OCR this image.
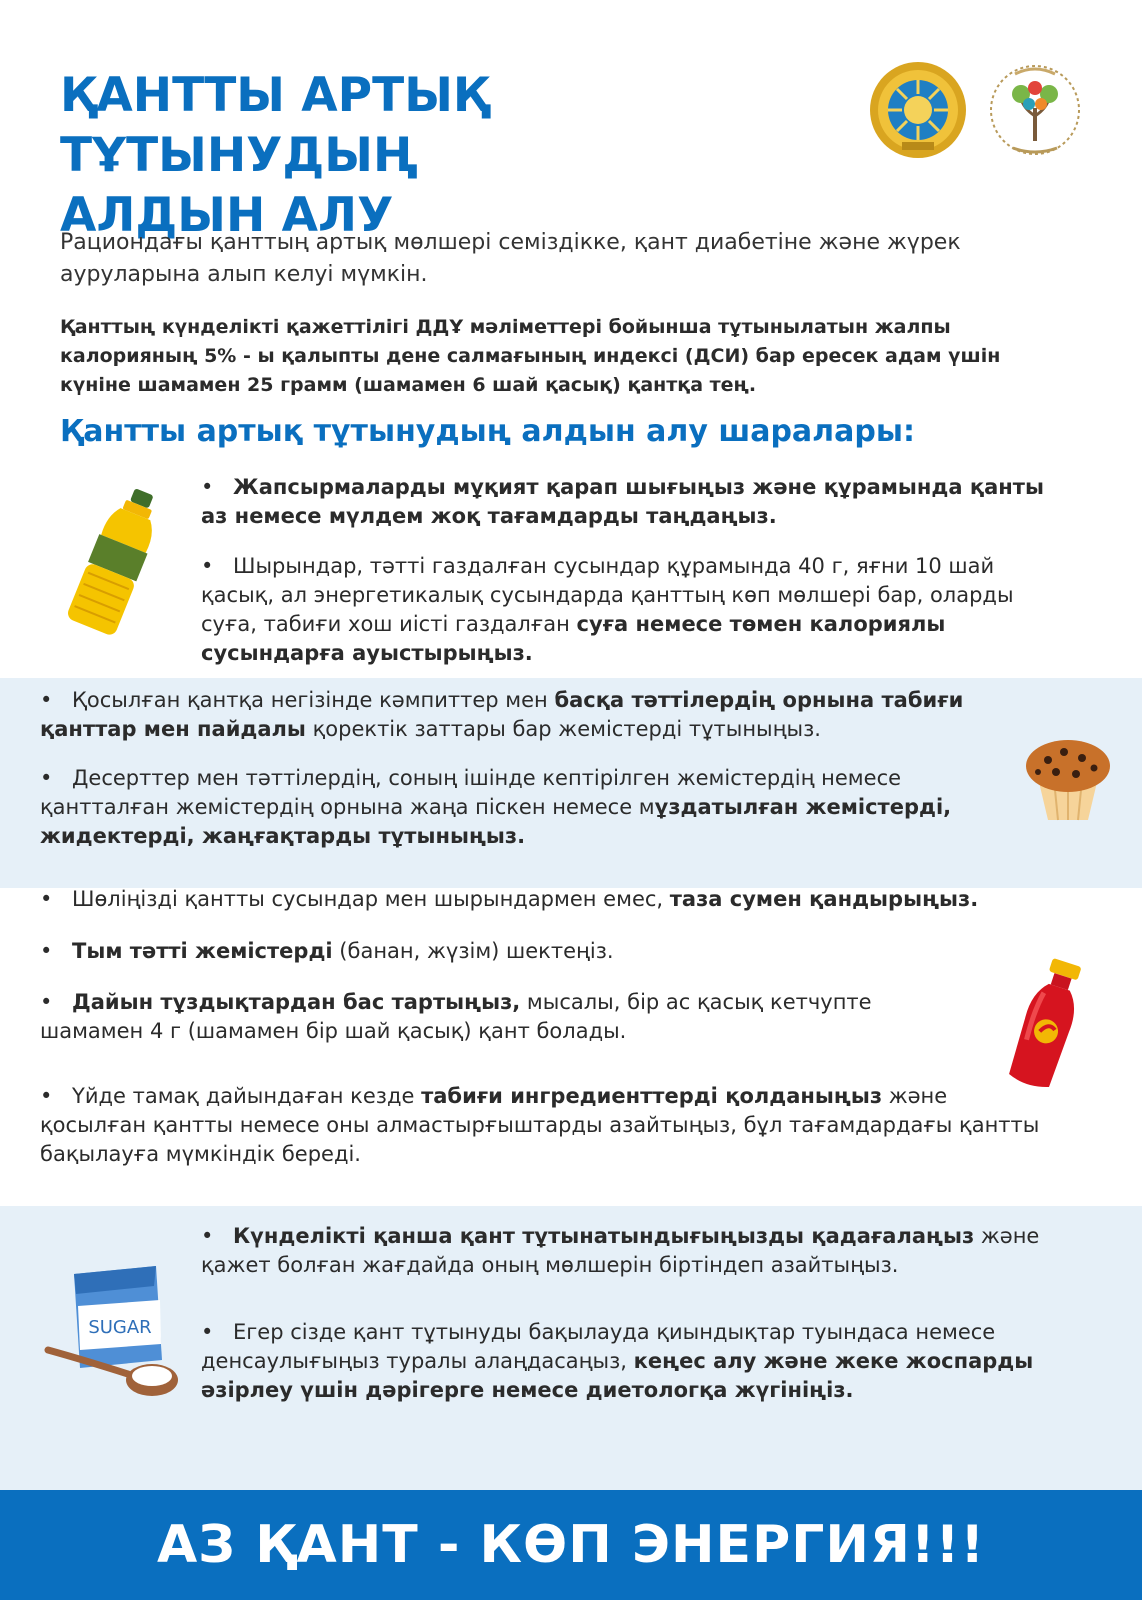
ҚАНТТЫ АРТЫҚ ТҰТЫНУДЫҢ
АЛДЫН АЛУ

Рациондағы қанттың артық мөлшері семіздікке, қант диабетіне және жүрек ауруларына алып келуі мүмкін.

Қанттың күнделікті қажеттілігі ДДҰ мәліметтері бойынша тұтынылатын жалпы калорияның 5% - ы қалыпты дене салмағының индексі (ДСИ) бар ересек адам үшін күніне шамамен 25 грамм (шамамен 6 шай қасық) қантқа тең.

Қантты артық тұтынудың алдын алу шаралары:

• Жапсырмаларды мұқият қарап шығыңыз және құрамында қанты аз немесе мүлдем жоқ тағамдарды таңдаңыз.

• Шырындар, тәтті газдалған сусындар құрамында 40 г, яғни 10 шай қасық, ал энергетикалық сусындарда қанттың көп мөлшері бар, оларды суға, табиғи хош иісті газдалған суға немесе төмен калориялы сусындарға ауыстырыңыз.

• Қосылған қантқа негізінде кәмпиттер мен басқа тәттілердің орнына табиғи қанттар мен пайдалы қоректік заттары бар жемістерді тұтыныңыз.

• Десерттер мен тәттілердің, соның ішінде кептірілген жемістердің немесе қантталған жемістердің орнына жаңа піскен немесе мұздатылған жемістерді, жидектерді, жаңғақтарды тұтыныңыз.

• Шөліңізді қантты сусындар мен шырындармен емес, таза сумен қандырыңыз.

• Тым тәтті жемістерді (банан, жүзім) шектеңіз.

• Дайын тұздықтардан бас тартыңыз, мысалы, бір ас қасық кетчупте шамамен 4 г (шамамен бір шай қасық) қант болады.

• Үйде тамақ дайындаған кезде табиғи ингредиенттерді қолданыңыз және қосылған қантты немесе оны алмастырғыштарды азайтыңыз, бұл тағамдардағы қантты бақылауға мүмкіндік береді.

SUGAR

• Күнделікті қанша қант тұтынатындығыңызды қадағалаңыз және қажет болған жағдайда оның мөлшерін біртіндеп азайтыңыз.

• Егер сізде қант тұтынуды бақылауда қиындықтар туындаса немесе денсаулығыңыз туралы алаңдасаңыз, кеңес алу және жеке жоспарды әзірлеу үшін дәрігерге немесе диетологқа жүгініңіз.

АЗ ҚАНТ - КӨП ЭНЕРГИЯ!!!
